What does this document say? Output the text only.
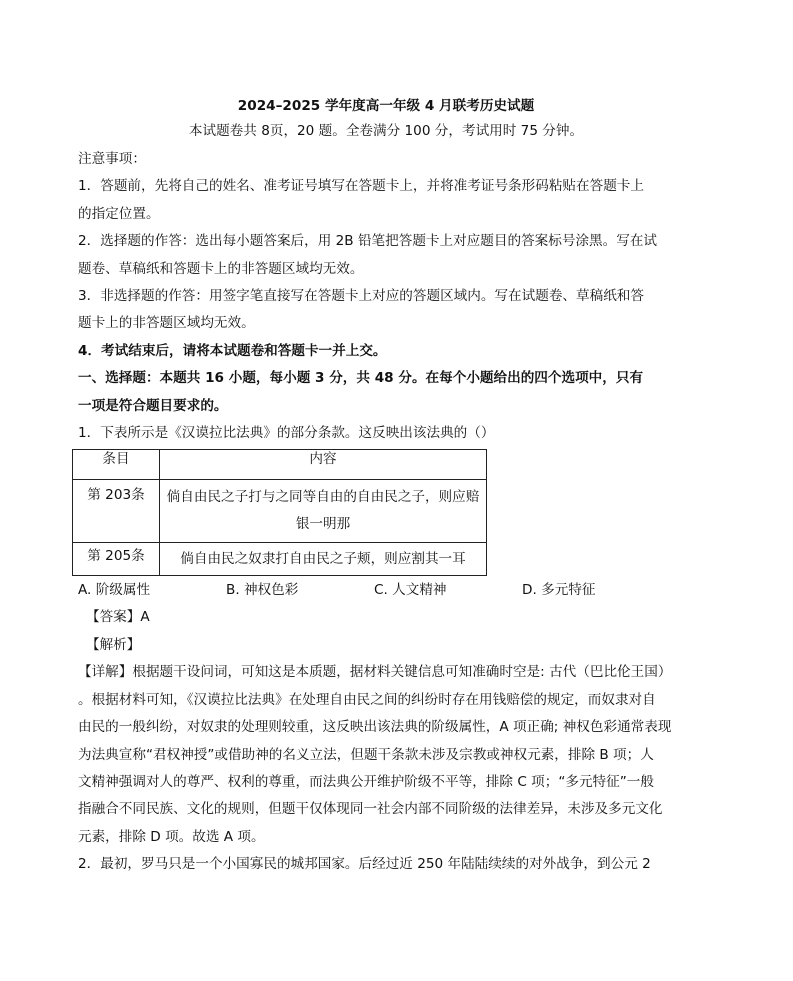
2024–2025 学年度高一年级 4 月联考历史试题
本试题卷共 8页，20 题。全卷满分 100 分，考试用时 75 分钟。
注意事项：
1．答题前，先将自己的姓名、准考证号填写在答题卡上，并将准考证号条形码粘贴在答题卡上
的指定位置。
2．选择题的作答：选出每小题答案后，用 2B 铅笔把答题卡上对应题目的答案标号涂黑。写在试
题卷、草稿纸和答题卡上的非答题区域均无效。
3．非选择题的作答：用签字笔直接写在答题卡上对应的答题区域内。写在试题卷、草稿纸和答
题卡上的非答题区域均无效。
4．考试结束后，请将本试题卷和答题卡一并上交。
一、选择题：本题共 16 小题，每小题 3 分，共 48 分。在每个小题给出的四个选项中，只有
一项是符合题目要求的。
1．下表所示是《汉谟拉比法典》的部分条款。这反映出该法典的（）
条目	内容
第 203条	倘自由民之子打与之同等自由的自由民之子，则应赔
银一明那

第 205条	倘自由民之奴隶打自由民之子颊，则应割其一耳
A. 阶级属性	B. 神权色彩	C. 人文精神	D. 多元特征
【答案】A
【解析】
【详解】根据题干设问词，可知这是本质题，据材料关键信息可知准确时空是: 古代（巴比伦王国）
。根据材料可知，《汉谟拉比法典》在处理自由民之间的纠纷时存在用钱赔偿的规定，而奴隶对自
由民的一般纠纷，对奴隶的处理则较重，这反映出该法典的阶级属性，A 项正确; 神权色彩通常表现
为法典宣称“君权神授”或借助神的名义立法，但题干条款未涉及宗教或神权元素，排除 B 项；人
文精神强调对人的尊严、权利的尊重，而法典公开维护阶级不平等，排除 C 项；“多元特征”一般
指融合不同民族、文化的规则，但题干仅体现同一社会内部不同阶级的法律差异，未涉及多元文化
元素，排除 D 项。故选 A 项。
2．最初，罗马只是一个小国寡民的城邦国家。后经过近 250 年陆陆续续的对外战争，到公元 2
